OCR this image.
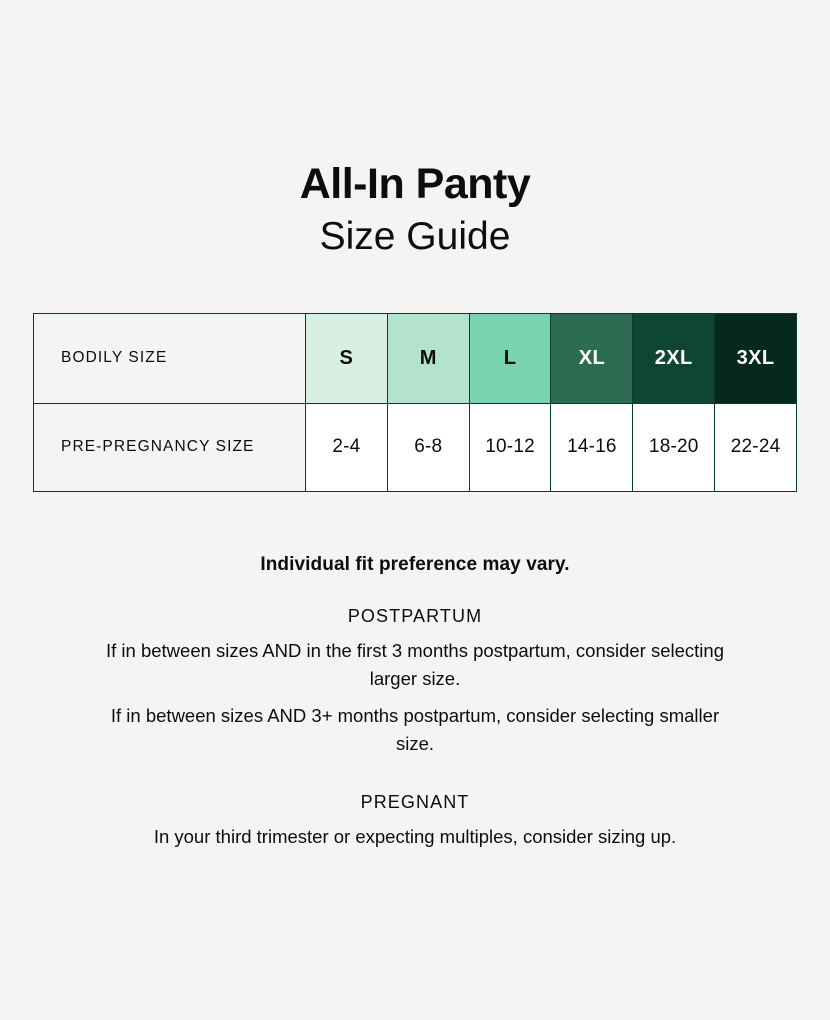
All-In Panty
Size Guide
BODILY SIZE	S	M	L	XL	2XL	3XL
PRE-PREGNANCY SIZE	2-4	6-8	10-12	14-16	18-20	22-24

Individual fit preference may vary.

POSTPARTUM

If in between sizes AND in the first 3 months postpartum, consider selecting larger size.

If in between sizes AND 3+ months postpartum, consider selecting smaller size.

PREGNANT

In your third trimester or expecting multiples, consider sizing up.
